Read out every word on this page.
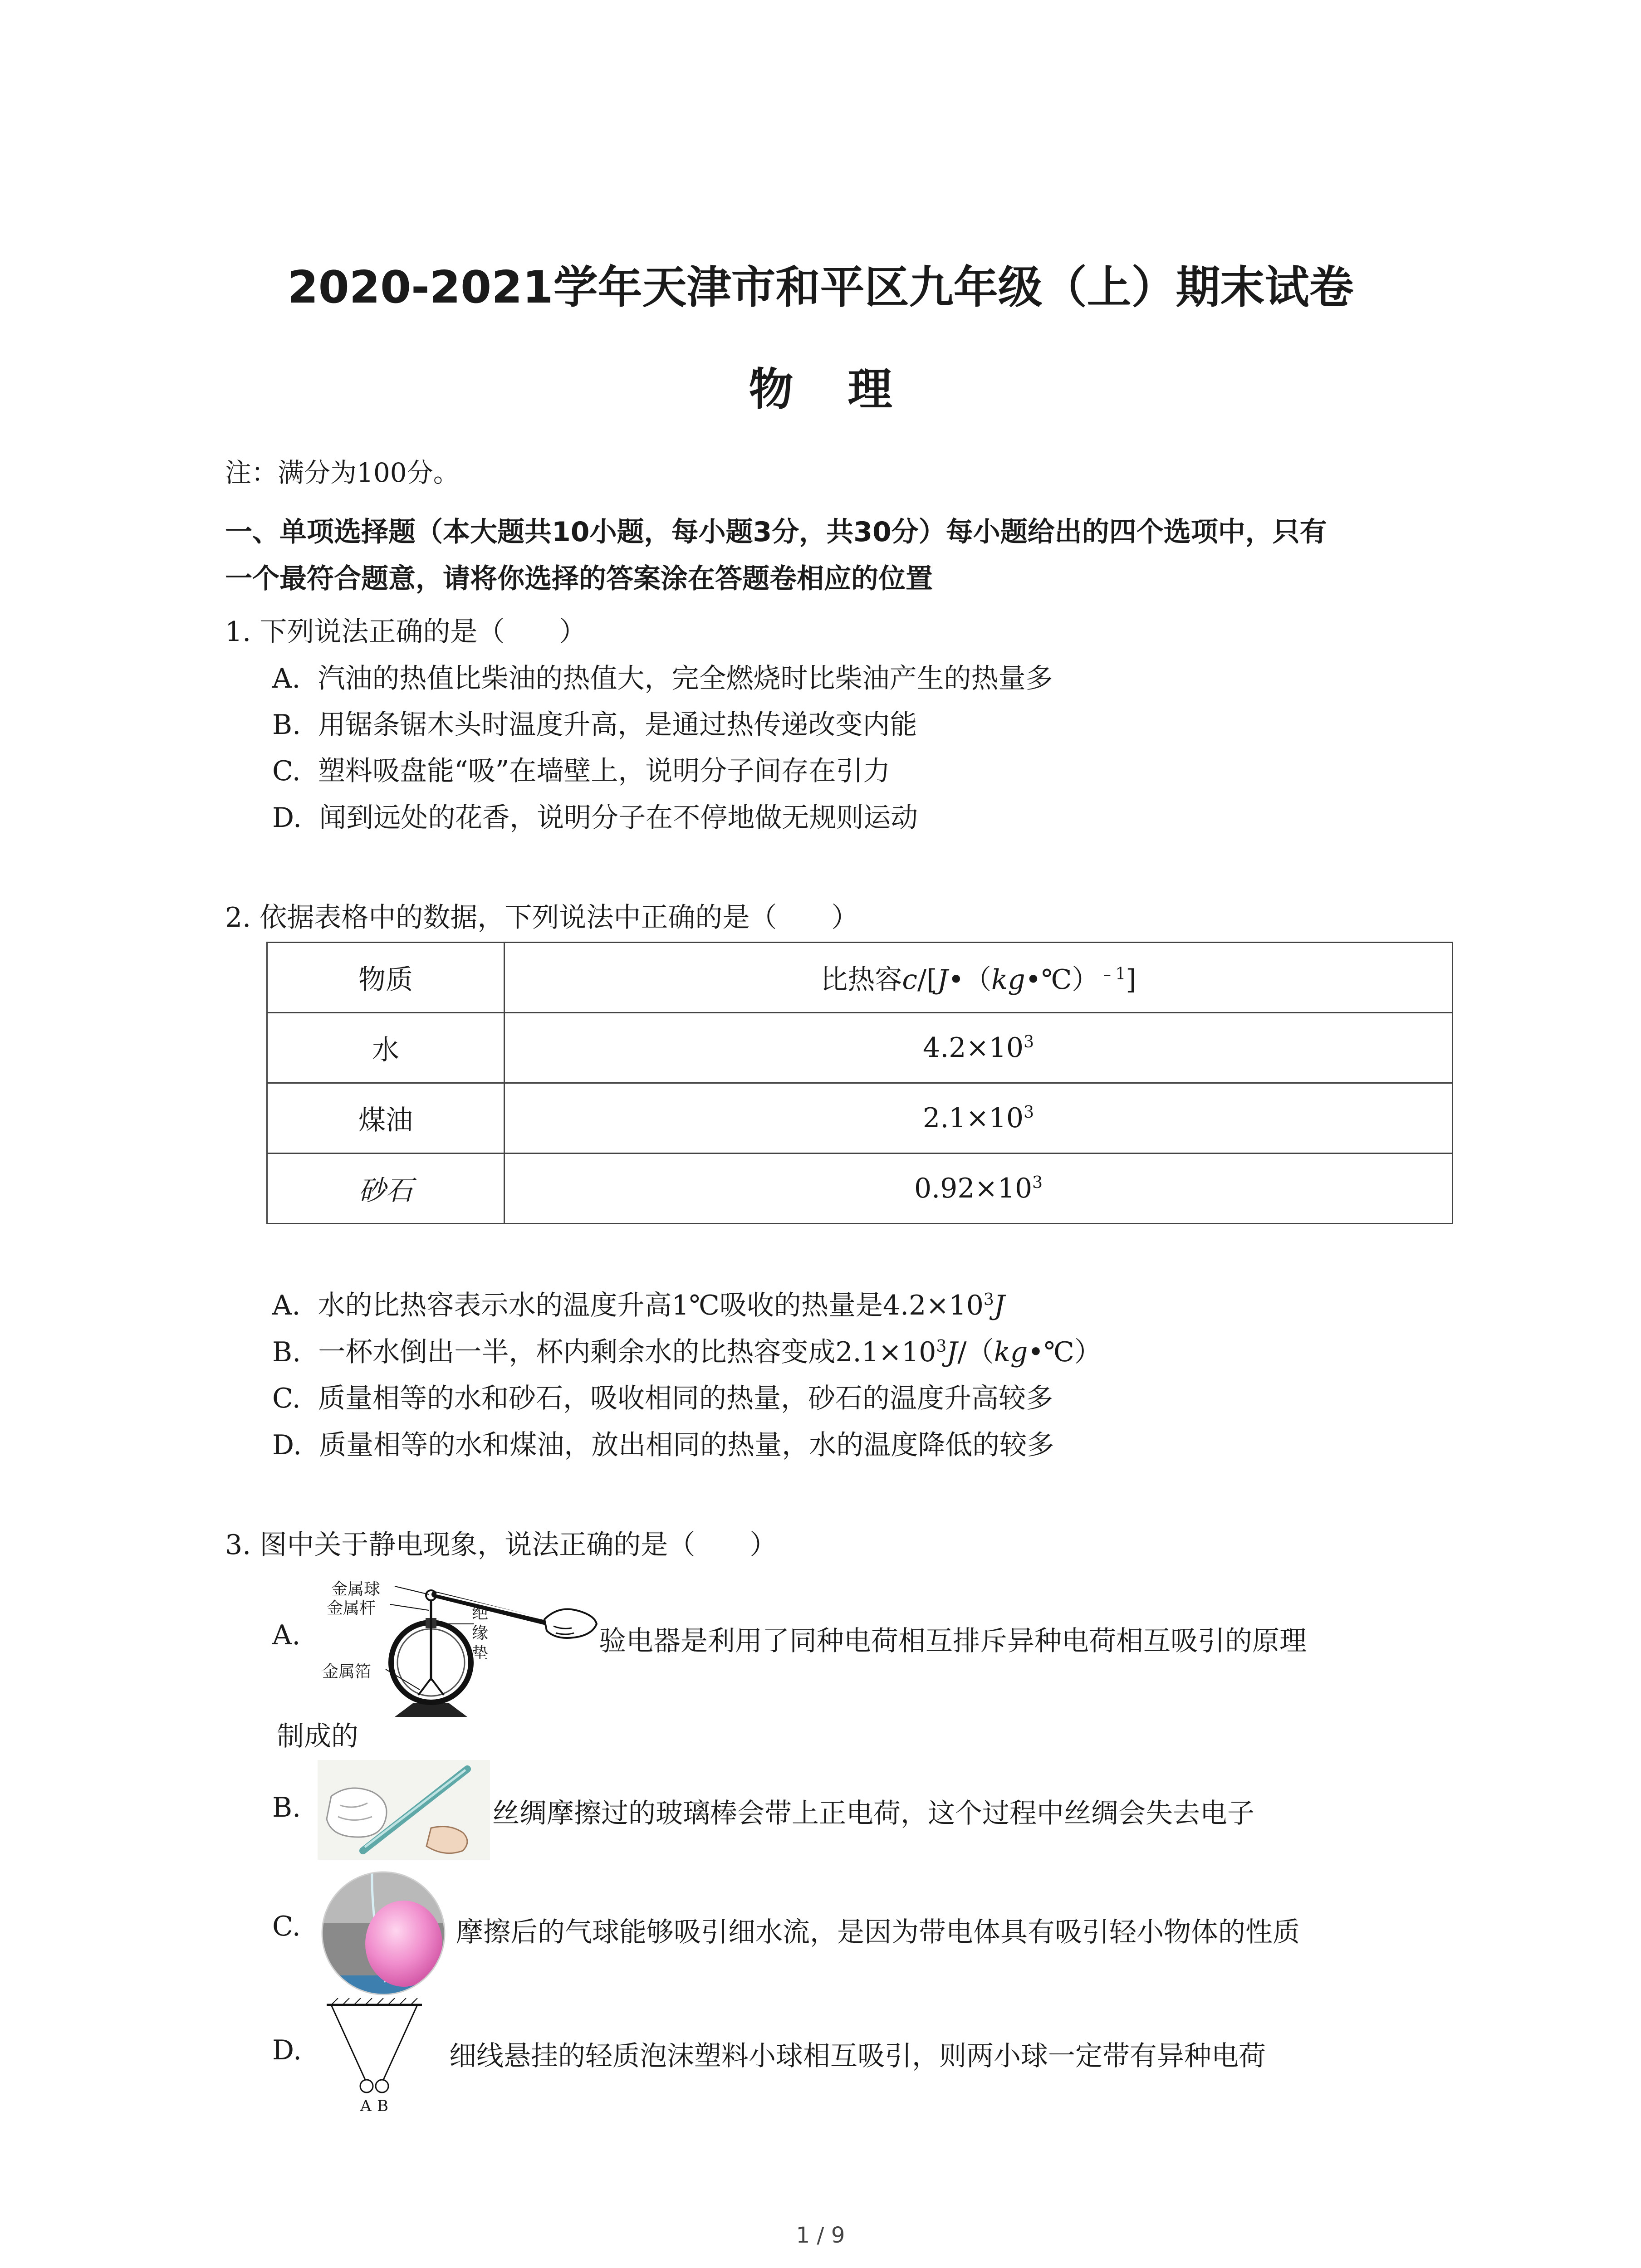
2020-2021学年天津市和平区九年级（上）期末试卷
物理
注：满分为100分。
一、单项选择题（本大题共10小题，每小题3分，共30分）每小题给出的四个选项中，只有
一个最符合题意，请将你选择的答案涂在答题卷相应的位置
1. 下列说法正确的是（　　）
A. 汽油的热值比柴油的热值大，完全燃烧时比柴油产生的热量多
B. 用锯条锯木头时温度升高，是通过热传递改变内能
C. 塑料吸盘能“吸”在墙壁上，说明分子间存在引力
D. 闻到远处的花香，说明分子在不停地做无规则运动
2. 依据表格中的数据，下列说法中正确的是（　　）
物质	比热容c/[J•（kg•℃）$^{﹣1}$]
水	$4.2\times 10^3$
煤油	$2.1\times 10^3$
砂石	$0.92\times 10^3$
A. 水的比热容表示水的温度升高1℃吸收的热量是$4.2\times 10^3J$
B. 一杯水倒出一半，杯内剩余水的比热容变成$2.1\times 10^3J/(kg•℃)$
C. 质量相等的水和砂石，吸收相同的热量，砂石的温度升高较多
D. 质量相等的水和煤油，放出相同的热量，水的温度降低的较多
3. 图中关于静电现象，说法正确的是（　　）
A.
金属球
金属杆
金属箔
绝缘垫	验电器是利用了同种电荷相互排斥异种电荷相互吸引的原理
制成的
B.	丝绸摩擦过的玻璃棒会带上正电荷，这个过程中丝绸会失去电子
C.	摩擦后的气球能够吸引细水流，是因为带电体具有吸引轻小物体的性质
D.
A B
细线悬挂的轻质泡沫塑料小球相互吸引，则两小球一定带有异种电荷
1 / 9
